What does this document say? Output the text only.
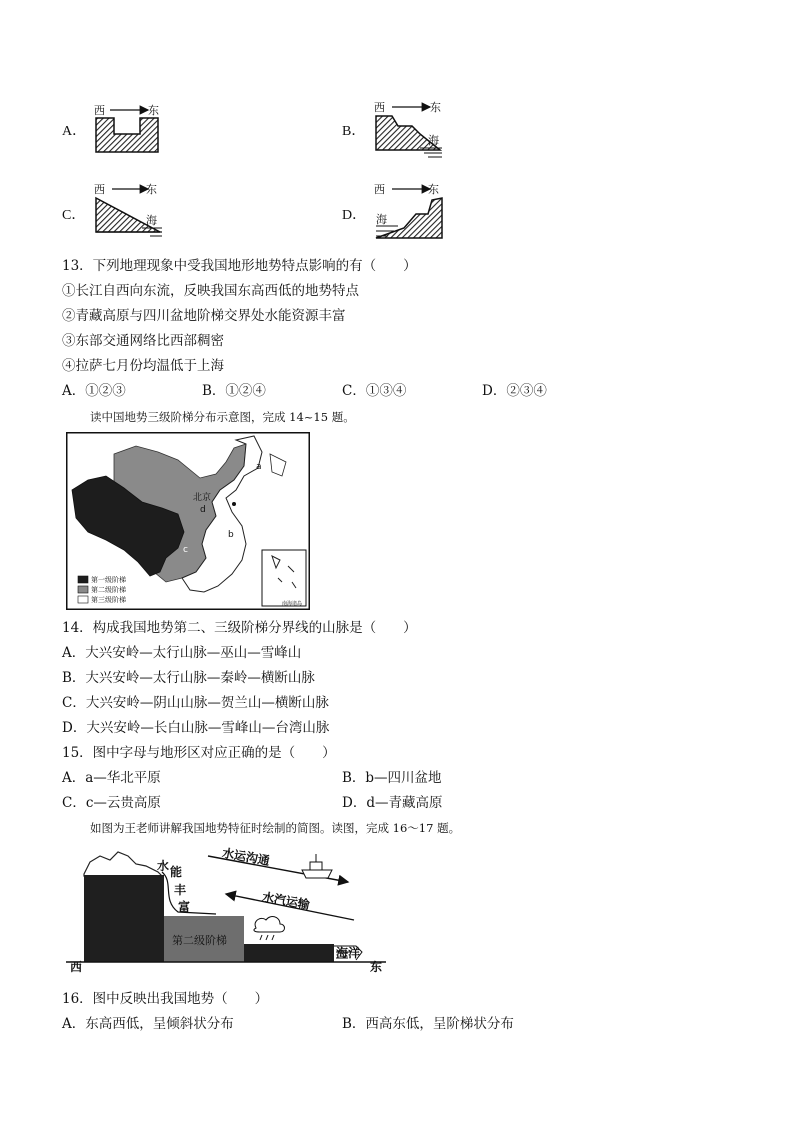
A．
西	东
B．
西	东
海
C．
西	东
海	D．
西	东
海
13．下列地理现象中受我国地形地势特点影响的有（　　）
①长江自西向东流，反映我国东高西低的地势特点
②青藏高原与四川盆地阶梯交界处水能资源丰富
③东部交通网络比西部稠密
④拉萨七月份均温低于上海
A．①②③	B．①②④	C．①③④	D．②③④
读中国地势三级阶梯分布示意图，完成 14~15 题。
北京
a
b
c
d
第一级阶梯
第二级阶梯
第三级阶梯	南海诸岛
14．构成我国地势第二、三级阶梯分界线的山脉是（　　）
A．大兴安岭—太行山脉—巫山—雪峰山
B．大兴安岭—太行山脉—秦岭—横断山脉
C．大兴安岭—阴山山脉—贺兰山—横断山脉
D．大兴安岭—长白山脉—雪峰山—台湾山脉
15．图中字母与地形区对应正确的是（　　）
A．a—华北平原	B．b—四川盆地
C．c—云贵高原	D．d—青藏高原
如图为王老师讲解我国地势特征时绘制的简图。读图，完成 16～17 题。
水 能
丰
富
水运沟通
水汽运输
第二级阶梯
海洋
西	东
16．图中反映出我国地势（　　）
A．东高西低，呈倾斜状分布	B．西高东低，呈阶梯状分布
